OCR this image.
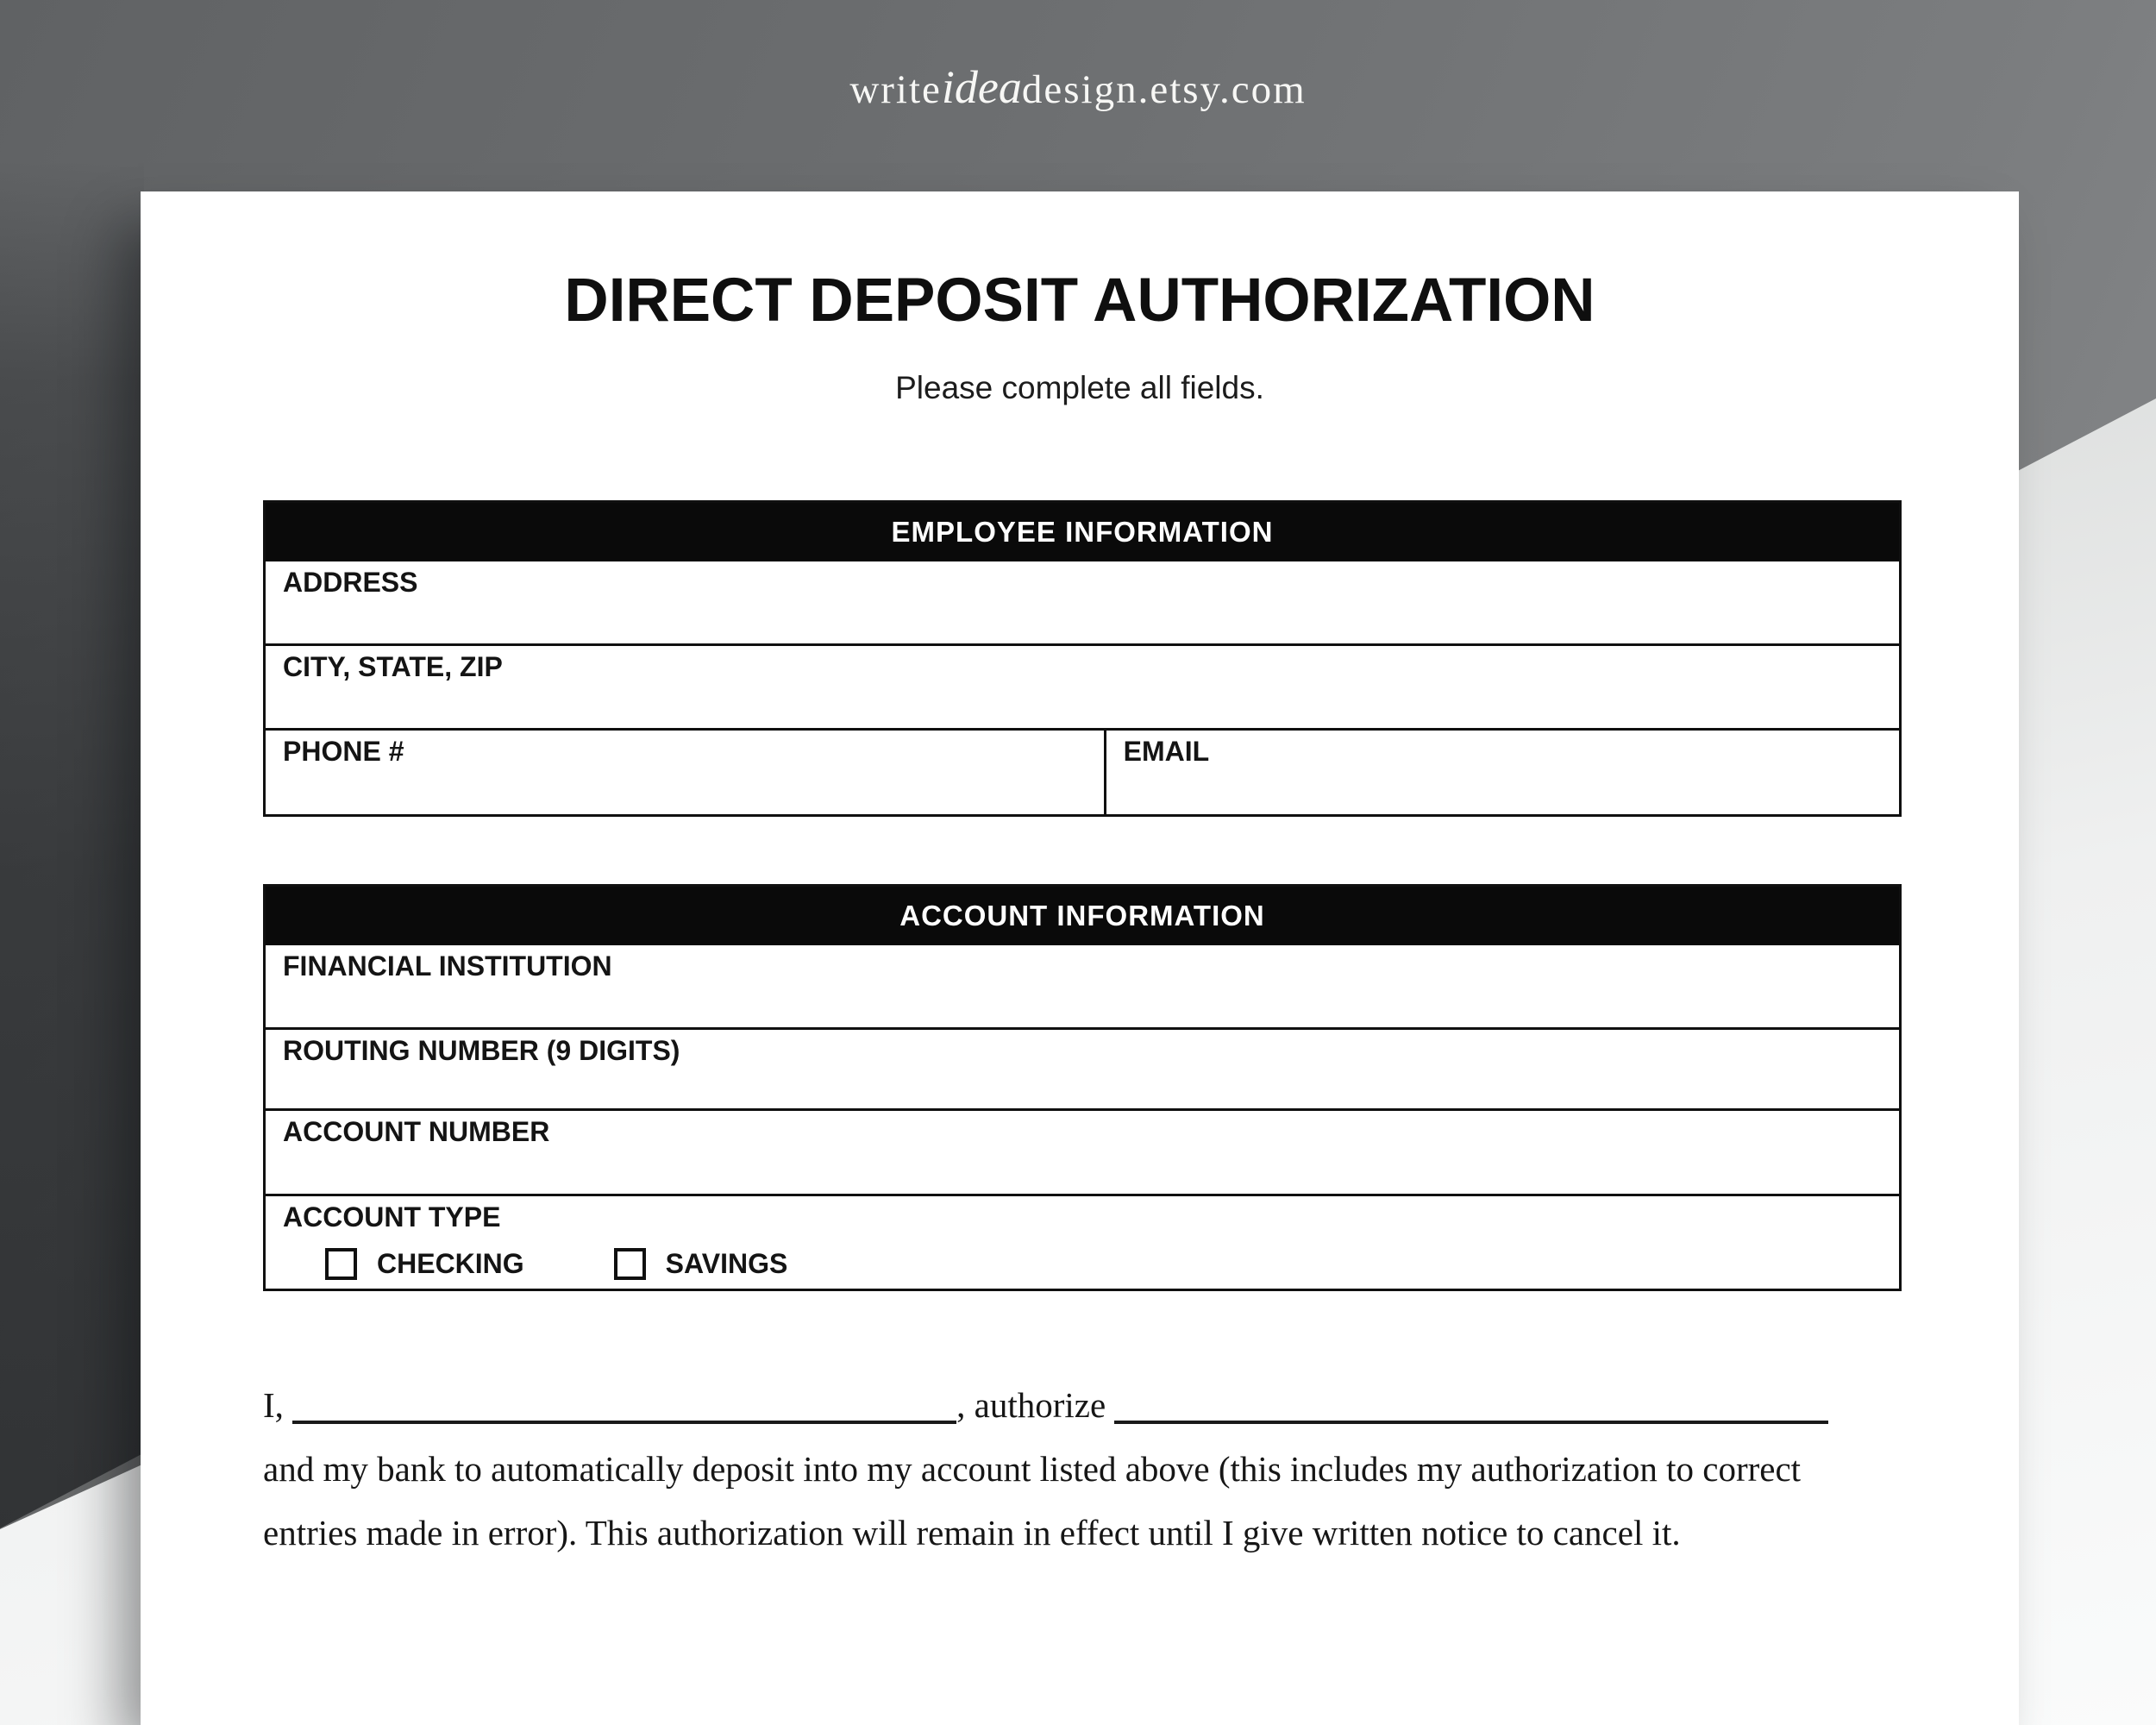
writeideadesign.etsy.com
DIRECT DEPOSIT AUTHORIZATION
Please complete all fields.
EMPLOYEE INFORMATION
ADDRESS
CITY, STATE, ZIP
PHONE #	EMAIL
ACCOUNT INFORMATION
FINANCIAL INSTITUTION
ROUTING NUMBER (9 DIGITS)
ACCOUNT NUMBER
ACCOUNT TYPE
CHECKING	SAVINGS
I,	, authorize
and my bank to automatically deposit into my account listed above (this includes my authorization to correct
entries made in error). This authorization will remain in effect until I give written notice to cancel it.
